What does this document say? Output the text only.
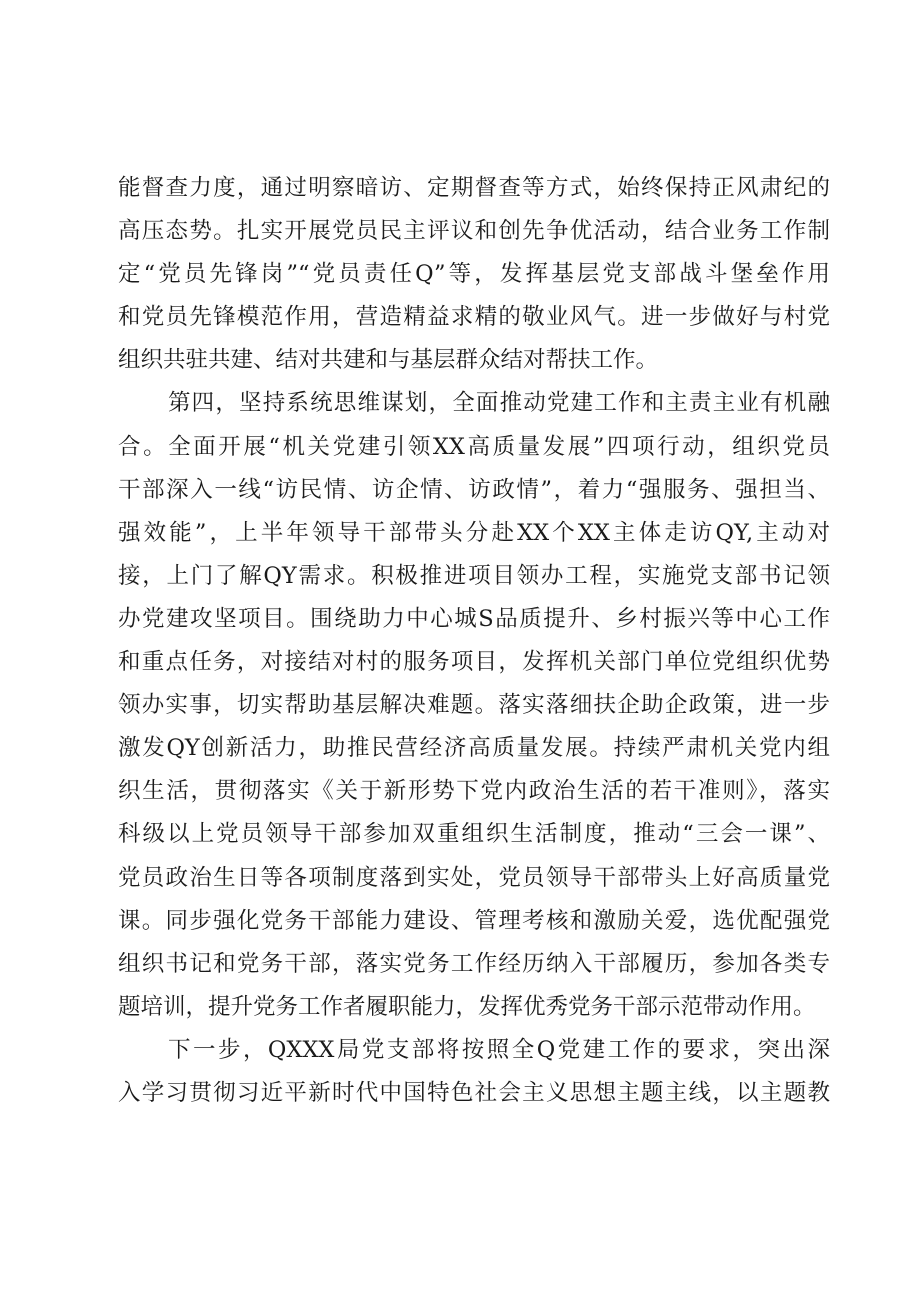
能督查力度，通过明察暗访、定期督查等方式，始终保持正风肃纪的
高压态势。扎实开展党员民主评议和创先争优活动，结合业务工作制
定“党员先锋岗”“党员责任Q”等，发挥基层党支部战斗堡垒作用
和党员先锋模范作用，营造精益求精的敬业风气。进一步做好与村党
组织共驻共建、结对共建和与基层群众结对帮扶工作。
第四，坚持系统思维谋划，全面推动党建工作和主责主业有机融
合。全面开展“机关党建引领XX高质量发展”四项行动，组织党员
干部深入一线“访民情、访企情、访政情”，着力“强服务、强担当、
强效能”，上半年领导干部带头分赴XX个XX主体走访QY,主动对
接，上门了解QY需求。积极推进项目领办工程，实施党支部书记领
办党建攻坚项目。围绕助力中心城S品质提升、乡村振兴等中心工作
和重点任务，对接结对村的服务项目，发挥机关部门单位党组织优势
领办实事，切实帮助基层解决难题。落实落细扶企助企政策，进一步
激发QY创新活力，助推民营经济高质量发展。持续严肃机关党内组
织生活，贯彻落实《关于新形势下党内政治生活的若干准则》，落实
科级以上党员领导干部参加双重组织生活制度，推动“三会一课”、
党员政治生日等各项制度落到实处，党员领导干部带头上好高质量党
课。同步强化党务干部能力建设、管理考核和激励关爱，选优配强党
组织书记和党务干部，落实党务工作经历纳入干部履历，参加各类专
题培训，提升党务工作者履职能力，发挥优秀党务干部示范带动作用。
下一步，QXXX局党支部将按照全Q党建工作的要求，突出深
入学习贯彻习近平新时代中国特色社会主义思想主题主线，以主题教
